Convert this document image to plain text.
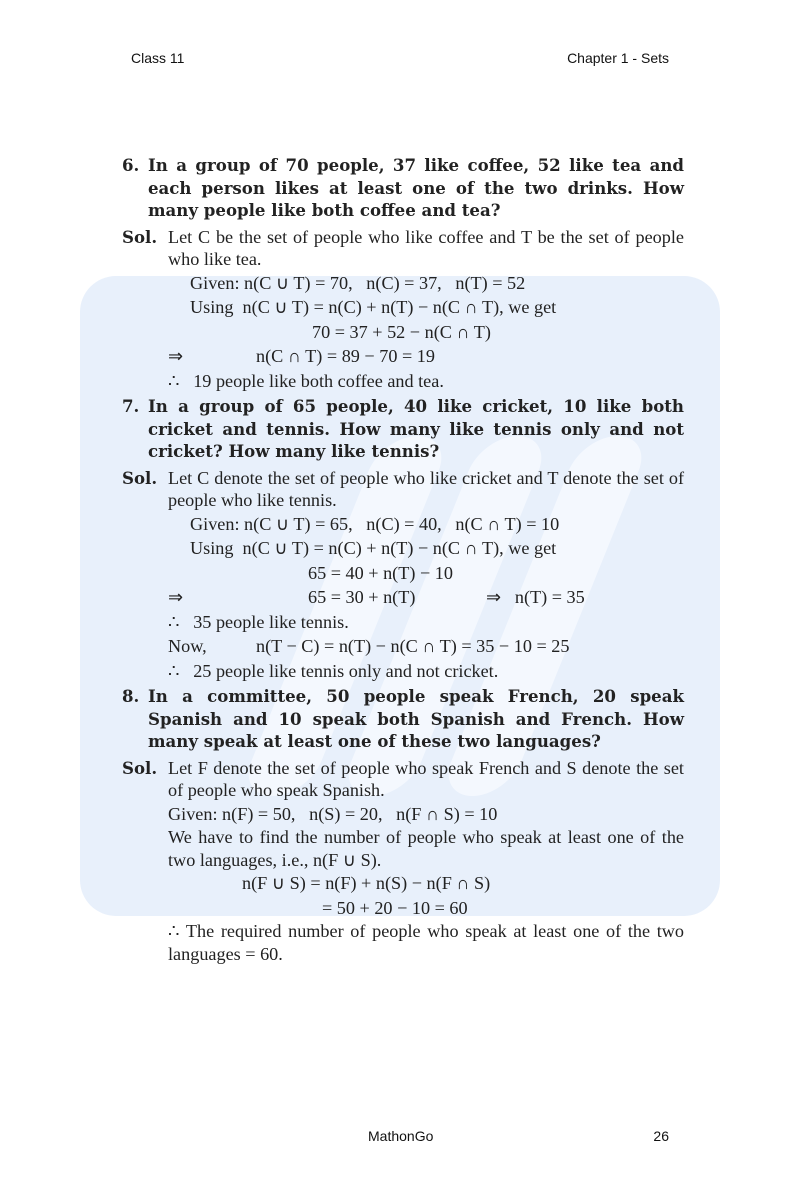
Class 11	Chapter 1 - Sets
6. In a group of 70 people, 37 like coffee, 52 like tea and each person likes at least one of the two drinks. How many people like both coffee and tea?
Sol. Let C be the set of people who like coffee and T be the set of people who like tea.
Given: n(C ∪ T) = 70,   n(C) = 37,   n(T) = 52
Using  n(C ∪ T) = n(C) + n(T) − n(C ∩ T), we get
70 = 37 + 52 − n(C ∩ T)
⇒	n(C ∩ T) = 89 − 70 = 19
∴   19 people like both coffee and tea.
7. In a group of 65 people, 40 like cricket, 10 like both cricket and tennis. How many like tennis only and not cricket? How many like tennis?
Sol. Let C denote the set of people who like cricket and T denote the set of people who like tennis.
Given: n(C ∪ T) = 65,   n(C) = 40,   n(C ∩ T) = 10
Using  n(C ∪ T) = n(C) + n(T) − n(C ∩ T), we get
65 = 40 + n(T) − 10
⇒	65 = 30 + n(T)	⇒   n(T) = 35
∴   35 people like tennis.
Now,	n(T − C) = n(T) − n(C ∩ T) = 35 − 10 = 25
∴   25 people like tennis only and not cricket.
8. In a committee, 50 people speak French, 20 speak Spanish and 10 speak both Spanish and French. How many speak at least one of these two languages?
Sol. Let F denote the set of people who speak French and S denote the set of people who speak Spanish.
Given: n(F) = 50,   n(S) = 20,   n(F ∩ S) = 10
We have to find the number of people who speak at least one of the two languages, i.e., n(F ∪ S).
n(F ∪ S) = n(F) + n(S) − n(F ∩ S)
= 50 + 20 − 10 = 60
∴ The required number of people who speak at least one of the two languages = 60.
MathonGo	26
